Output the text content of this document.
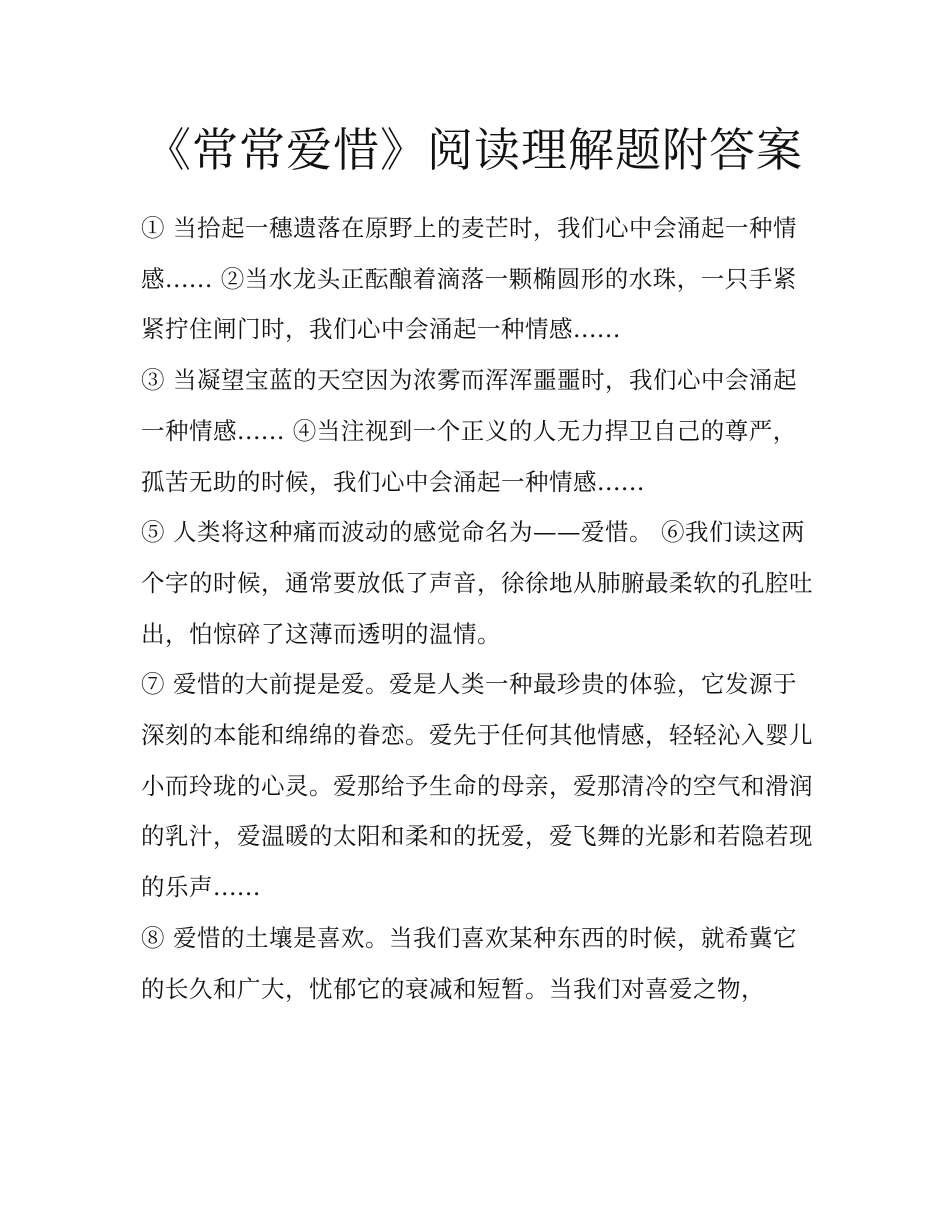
《常常爱惜》阅读理解题附答案

① 当拾起一穗遗落在原野上的麦芒时，我们心中会涌起一种情感...... ②当水龙头正酝酿着滴落一颗椭圆形的水珠，一只手紧紧拧住闸门时，我们心中会涌起一种情感......

③ 当凝望宝蓝的天空因为浓雾而浑浑噩噩时，我们心中会涌起一种情感...... ④当注视到一个正义的人无力捍卫自己的尊严，孤苦无助的时候，我们心中会涌起一种情感......

⑤ 人类将这种痛而波动的感觉命名为——爱惜。 ⑥我们读这两个字的时候，通常要放低了声音，徐徐地从肺腑最柔软的孔腔吐出，怕惊碎了这薄而透明的温情。

⑦ 爱惜的大前提是爱。爱是人类一种最珍贵的体验，它发源于深刻的本能和绵绵的眷恋。爱先于任何其他情感，轻轻沁入婴儿小而玲珑的心灵。爱那给予生命的母亲，爱那清冷的空气和滑润的乳汁，爱温暖的太阳和柔和的抚爱，爱飞舞的光影和若隐若现的乐声......

⑧ 爱惜的土壤是喜欢。当我们喜欢某种东西的时候，就希冀它的长久和广大，忧郁它的衰减和短暂。当我们对喜爱之物，
